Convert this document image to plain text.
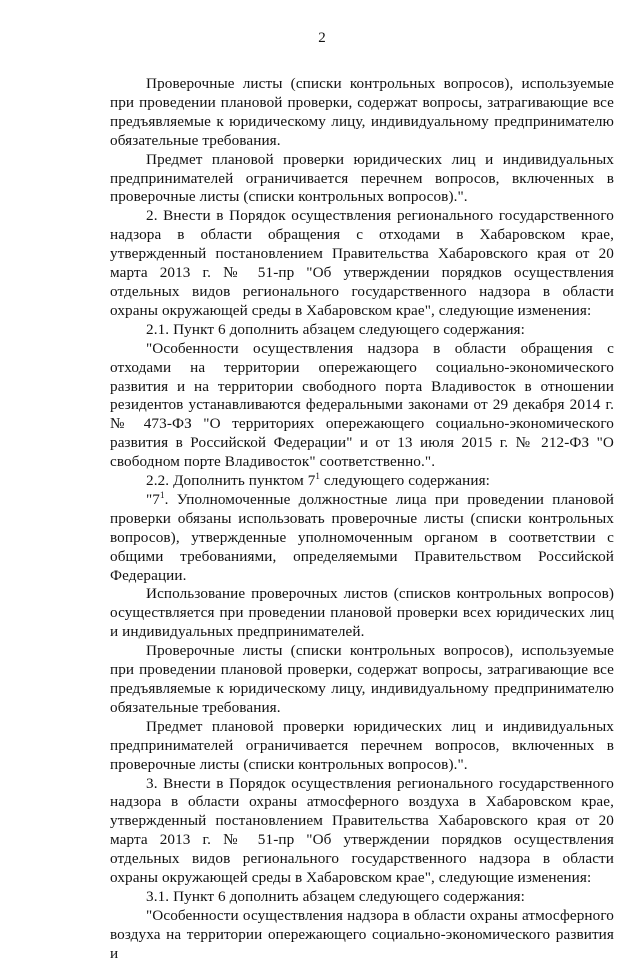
2

Проверочные листы (списки контрольных вопросов), используемые при проведении плановой проверки, содержат вопросы, затрагивающие все предъявляемые к юридическому лицу, индивидуальному предпринимателю обязательные требования.

Предмет плановой проверки юридических лиц и индивидуальных предпринимателей ограничивается перечнем вопросов, включенных в проверочные листы (списки контрольных вопросов).".

2. Внести в Порядок осуществления регионального государственного надзора в области обращения с отходами в Хабаровском крае, утвержденный постановлением Правительства Хабаровского края от 20 марта 2013 г. № 51-пр "Об утверждении порядков осуществления отдельных видов регионального государственного надзора в области охраны окружающей среды в Хабаровском крае", следующие изменения:

2.1. Пункт 6 дополнить абзацем следующего содержания:

"Особенности осуществления надзора в области обращения с отходами на территории опережающего социально-экономического развития и на территории свободного порта Владивосток в отношении резидентов устанавливаются федеральными законами от 29 декабря 2014 г. № 473-ФЗ "О территориях опережающего социально-экономического развития в Российской Федерации" и от 13 июля 2015 г. № 212-ФЗ "О свободном порте Владивосток" соответственно.".

2.2. Дополнить пунктом $7^1$ следующего содержания:

"$7^1$. Уполномоченные должностные лица при проведении плановой проверки обязаны использовать проверочные листы (списки контрольных вопросов), утвержденные уполномоченным органом в соответствии с общими требованиями, определяемыми Правительством Российской Федерации.

Использование проверочных листов (списков контрольных вопросов) осуществляется при проведении плановой проверки всех юридических лиц и индивидуальных предпринимателей.

Проверочные листы (списки контрольных вопросов), используемые при проведении плановой проверки, содержат вопросы, затрагивающие все предъявляемые к юридическому лицу, индивидуальному предпринимателю обязательные требования.

Предмет плановой проверки юридических лиц и индивидуальных предпринимателей ограничивается перечнем вопросов, включенных в проверочные листы (списки контрольных вопросов).".

3. Внести в Порядок осуществления регионального государственного надзора в области охраны атмосферного воздуха в Хабаровском крае, утвержденный постановлением Правительства Хабаровского края от 20 марта 2013 г. № 51-пр "Об утверждении порядков осуществления отдельных видов регионального государственного надзора в области охраны окружающей среды в Хабаровском крае", следующие изменения:

3.1. Пункт 6 дополнить абзацем следующего содержания:

"Особенности осуществления надзора в области охраны атмосферного воздуха на территории опережающего социально-экономического развития и
